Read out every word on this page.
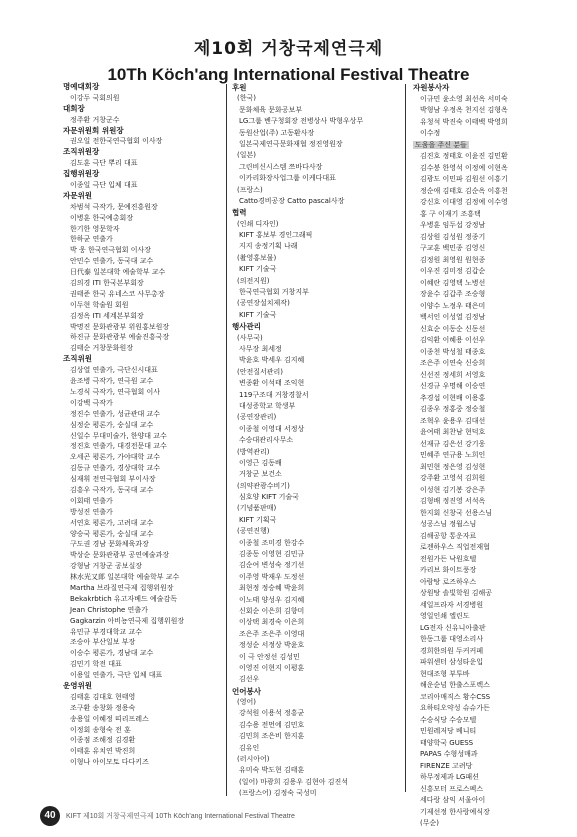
제10회 거창국제연극제
10Th Köch'ang International Festival Theatre
명예대회장
이강두 국회의원
대회장
정주환 거창군수
자문위원회 위원장
권오일 전한국연극협회 이사장
조직위원장
김도훈 극단 뿌리 대표
집행위원장
이종일 극단 입체 대표
자문위원
차범석 극작가, 문예진흥원장
이병훈 한국예총회장
한기한 영문학자
한하균 연출가
박 웅 한국연극협회 이사장
안민수 연출가, 동국대 교수
日代泰 일본대학 예술학부 교수
김의경 ITI 한국본부회장
권태준 한국 유네스코 사무총장
이두현 학술원 회원
김정옥 ITI 세계본부회장
박명진 문화관광부 위원홍보원장
하진규 문화관광부 예술진흥국장
김태순 거창문화원장
조직위원
김상열 연출가, 극단신시대표
윤조병 극작가, 연극원 교수
노경식 극작가, 연극협회 이사
이강백 극작가
정진수 연출가, 성균관대 교수
심정순 평론가, 숭실대 교수
신일수 무대미술가, 한양대 교수
정진호 연출가, 대경전문대 교수
오세곤 평론가, 가야대학 교수
김동규 연출가, 경상대학 교수
심재휘 전연극협회 부이사장
김흥우 극작가, 동국대 교수
이회태 연출가
방성진 연출가
서연호 평론가, 고려대 교수
양승국 평론가, 숭실대 교수
구도권 경남 문화체육과장
박상순 문화관광부 공연예술과장
강형남 거창군 공보실장
林水光又郞 일본대학 예술학부 교수
Martha 브라질연극제 집행위원장
Bekakrbtich 유고자베드 예술감독
Jean Christophe 연출가
Gagkarzin 아비뇽연극제 집행위원장
유민규 부경대학교 교수
조승아 부산일보 부장
이승수 평론가, 경남대 교수
김민기 학전 대표
이용일 연출가, 극단 입체 대표
운영위원
김태훈 김대호 현태영
조구환 송창화 정용숙
송용일 이혜정 띠리프레스
이정회 송형숙 전 훈
이종점 조해정 김경환
이태훈 유치연 박진희
이형나 아이모토 다다키즈
후원
(한국)
문화체육 문화공보부
LG그룹 벤구청회장 전병상사 박형우상무
동원산업(주) 고동환사장
일본국제연극문화재협 정진영원장
(일본)
그린비신시스템 쯔바다사장
이카리화장사업그룹 이케다대표
(프랑스)
Catto경비공장 Catto pascal사장
협력
(인쇄 디자인)
KIFT 홍보부 경인그래픽
지지 송정기획 나래
(촬영홍보물)
KIFT 기술국
(의전지원)
한국연극협회 거창지부
(공연장설치제작)
KIFT 기술국
행사관리
(사무국)
사무장 최세정
박윤호 박세우 김지혜
(안전질서관리)
변종환 이석태 조익현
119구조대 거창경찰서
대성증학교 학생부
(공연장관리)
이종철 이영대 서정상
수승대관리사무소
(방역관리)
이영근 김동배
거창군 보건소
(의약관광수비기)
심호양 KIFT 기술국
(기념품판매)
KIFT 기획국
(공연진행)
이종철 조미경 한강수
김종동 이영현 김민규
김순여 변성숙 정기선
이주영 박재우 도정선
최현정 정승혜 박윤희
이노태 양성우 김지혜
신회순 이은희 김향미
이상택 최경숙 이은희
조은주 조은주 이영대
정성순 서정상 박윤호
이 극 안정선 김성민
이영진 이현지 이평훈
김선우
언어봉사
(영어)
강석원 이용석 정흥균
김수용 전먼에 김민호
김민희 조은비 한지훈
김유인
(러시아어)
유미숙 박도현 김태훈
(일어) 마광희 김용우 김현아 김진석
(프랑스어) 김정숙 국성미
자원봉사자
이규민 윤소영 최선옥 서미숙
박형남 우정옥 천지선 김형옥
유청석 박진숙 이태백 박영희
이수정
도움을 주신 분들
김진호 정태호 이윤진 김민환
김수붕 한영석 이정예 이현옥
김광도 이민파 김원선 이흥기
정순애 김태호 김순옥 이흥천
강신호 이대영 김정예 이수영
홍 구 이재기 조흥택
우병훈 임두섭 강정남
김상원 김성원 정종기
구교훈 백민종 김영신
김정원 최영원 원현종
이우진 김미정 김갑순
이혜란 김영택 노병선
장윤수 김갑주 조승형
이양수 노정우 태은미
백서인 이성열 김정남
신효순 이동순 신동선
김익환 이혜용 이선우
이종천 박성철 태종호
조은주 이연숙 신승희
신선진 정세희 서영호
신경규 우명해 이승연
추경섭 이현배 이용홍
김종우 정홍중 정승철
조혁우 윤용우 김대선
윤여태 최찬남 현덕호
선재규 김은선 강기웅
민혜주 연규용 노희인
최민현 정은영 김성현
강주환 고영석 김희원
이성현 김기봉 강은주
김형배 정진영 서석옥
한지회 신창국 선용스님
성공스님 정월스님
김해공항 통운자료
로젠하우스 직업전재협
전원가든 낙원호텔
카리브 화이트풍장
아람탕 로즈하우스
상원탕 솔빛학원 김해공
세일프라자 서경병원
영일인쇄 엘린도
LG전자 신유니아출판
한동그룹 대영소리사
경희한의원 두커커페
파워센터 삼성타운입
현대조형 부투바
해운순넘 한출스포렉스
코리아매직스 황수CSS
요하티오약성 슈슈가든
수승식당 수승모텔
민원레저당 베니티
태양학국 GUESS
PAPAS 수형성매과
FIRENZE 고려당
하무정제과 LG패션
신흥모터 프로스펙스
세다랑 삼익 서울아이
기제선정 한사랑예식장
(무순)
40	KIFT 제10회 거창국제연극제 10Th Köch'ang International Festival Theatre
